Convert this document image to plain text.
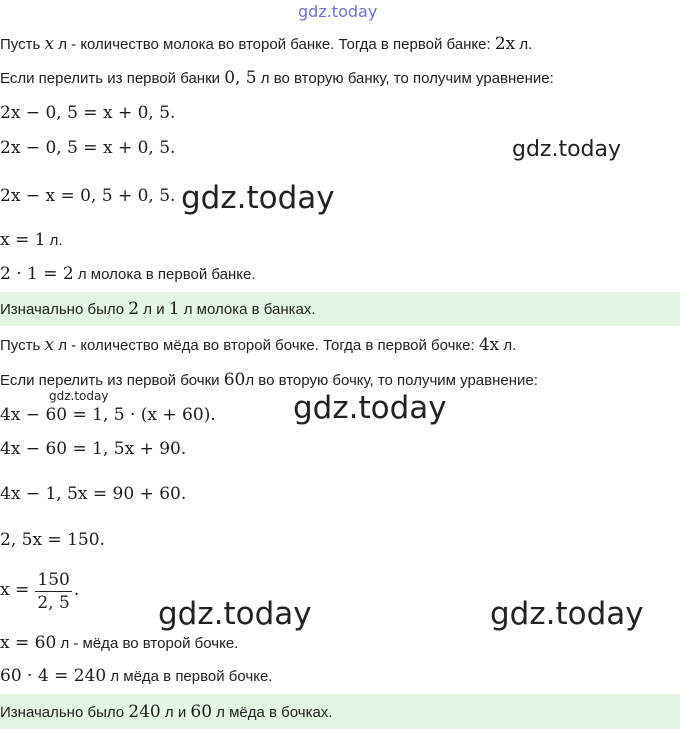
gdz.today
gdz.today
gdz.today
gdz.today
gdz.today
gdz.today	gdz.today
Пусть x л - количество молока во второй банке. Тогда в первой банке: 2x л.
Если перелить из первой банки 0, 5 л во вторую банку, то получим уравнение:
2x − 0, 5 = x + 0, 5.
2x − 0, 5 = x + 0, 5.
2x − x = 0, 5 + 0, 5.
x = 1 л.
2 · 1 = 2 л молока в первой банке.
Изначально было 2 л и 1 л молока в банках.
Пусть x л - количество мёда во второй бочке. Тогда в первой бочке: 4x л.
Если перелить из первой бочки 60л во вторую бочку, то получим уравнение:
4x − 60 = 1, 5 · (x + 60).
4x − 60 = 1, 5x + 90.
4x − 1, 5x = 90 + 60.
2, 5x = 150.
$x = \frac{150}{2, 5}$ .
x = 60 л - мёда во второй бочке.
60 · 4 = 240 л мёда в первой бочке.
Изначально было 240 л и 60 л мёда в бочках.
